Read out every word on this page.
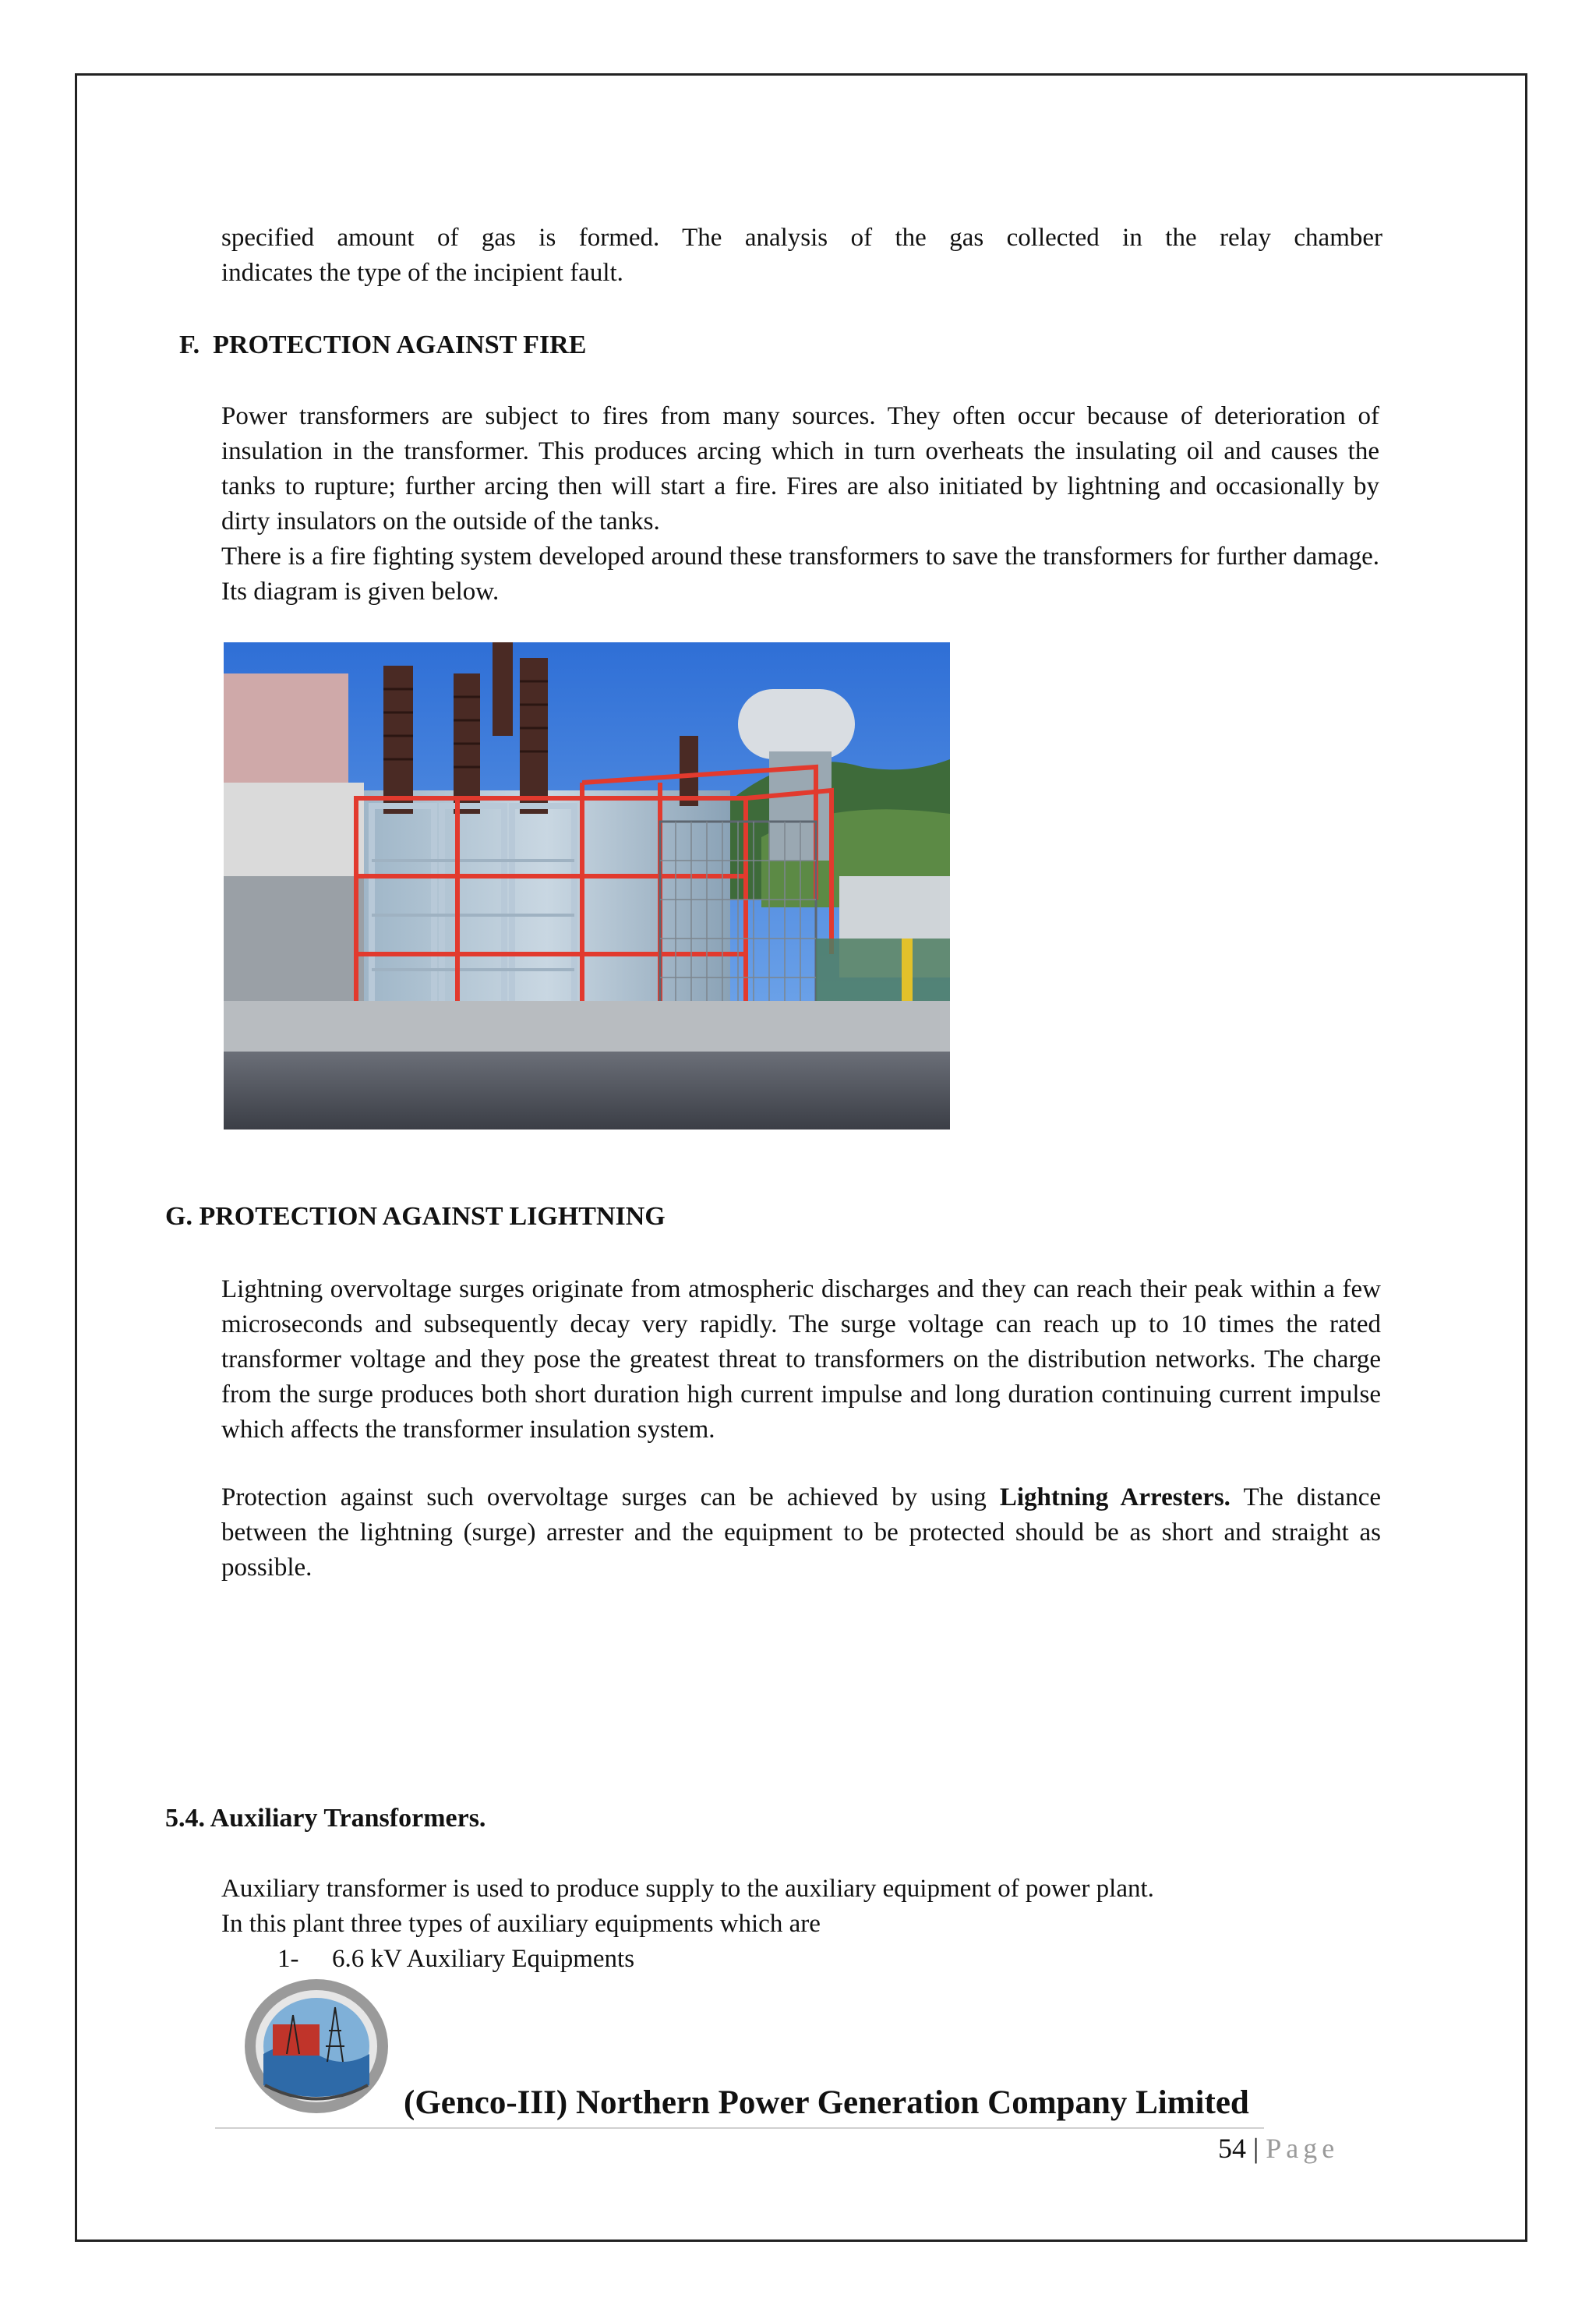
specified amount of gas is formed. The analysis of the gas collected in the relay chamber
indicates the type of the incipient fault.
F.  PROTECTION AGAINST FIRE
Power transformers are subject to fires from many sources. They often occur because of deterioration of insulation in the transformer. This produces arcing which in turn overheats the insulating oil and causes the tanks to rupture; further arcing then will start a fire. Fires are also initiated by lightning and occasionally by dirty insulators on the outside of the tanks.
There is a fire fighting system developed around these transformers to save the transformers for further damage. Its diagram is given below.
G. PROTECTION AGAINST LIGHTNING
Lightning overvoltage surges originate from atmospheric discharges and they can reach their peak within a few microseconds and subsequently decay very rapidly. The surge voltage can reach up to 10 times the rated transformer voltage and they pose the greatest threat to transformers on the distribution networks. The charge from the surge produces both short duration high current impulse and long duration continuing current impulse which affects the transformer insulation system.
Protection against such overvoltage surges can be achieved by using Lightning Arresters. The distance between the lightning (surge) arrester and the equipment to be protected should be as short and straight as possible.
5.4. Auxiliary Transformers.
Auxiliary transformer is used to produce supply to the auxiliary equipment of power plant.
In this plant three types of auxiliary equipments which are
1- 6.6 kV Auxiliary Equipments
(Genco-III) Northern Power Generation Company Limited
54 | Page
